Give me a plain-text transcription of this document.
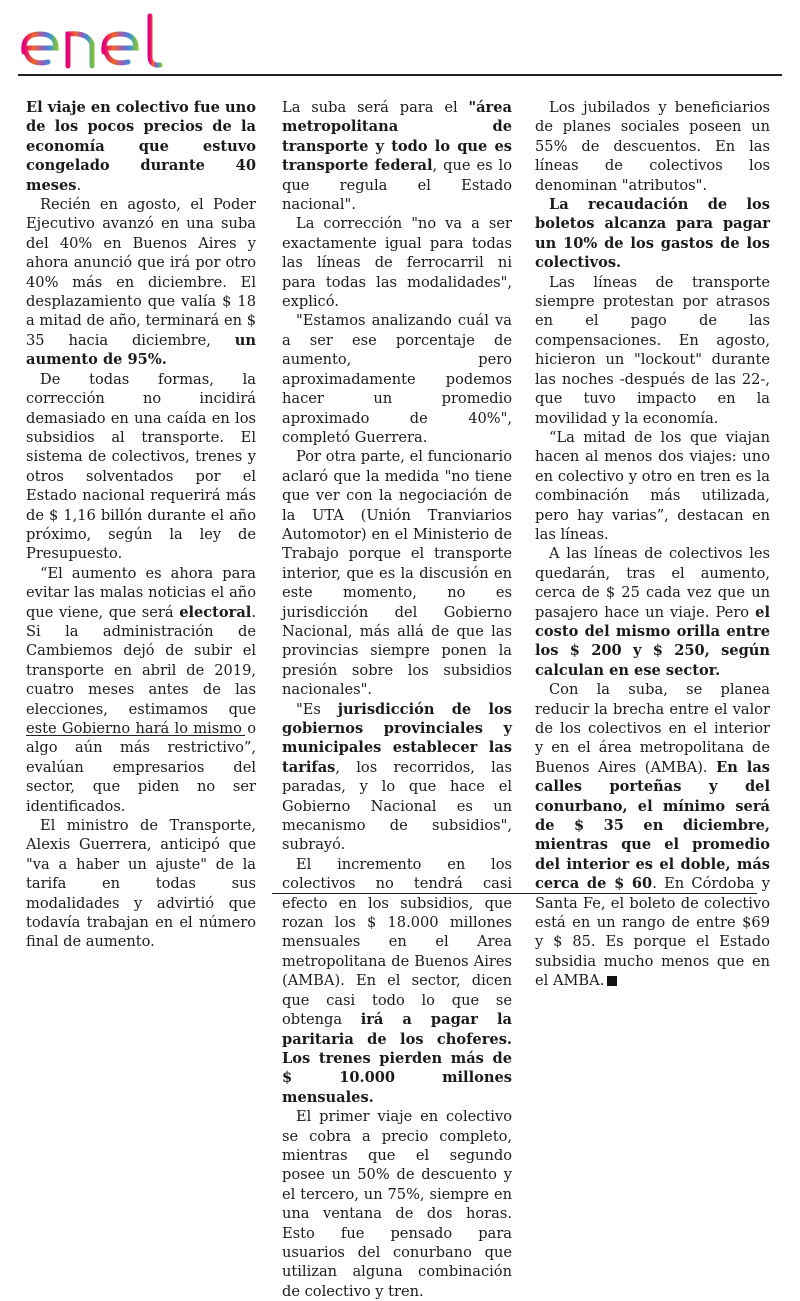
El viaje en colectivo fue uno de los pocos precios de la economía que estuvo congelado durante 40 meses.

Recién en agosto, el Poder Ejecutivo avanzó en una suba del 40% en Buenos Aires y ahora anunció que irá por otro 40% más en diciembre. El desplazamiento que valía $ 18 a mitad de año, terminará en $ 35 hacia diciembre, un aumento de 95%.

De todas formas, la corrección no incidirá demasiado en una caída en los subsidios al transporte. El sistema de colectivos, trenes y otros solventados por el Estado nacional requerirá más de $ 1,16 billón durante el año próximo, según la ley de Presupuesto.

“El aumento es ahora para evitar las malas noticias el año que viene, que será electoral. Si la administración de Cambiemos dejó de subir el transporte en abril de 2019, cuatro meses antes de las elecciones, estimamos que este Gobierno hará lo mismo o algo aún más restrictivo”, evalúan empresarios del sector, que piden no ser identificados.

El ministro de Transporte, Alexis Guerrera, anticipó que "va a haber un ajuste" de la tarifa en todas sus modalidades y advirtió que todavía trabajan en el número final de aumento.

La suba será para el "área metropolitana de transporte y todo lo que es transporte federal, que es lo que regula el Estado nacional".

La corrección "no va a ser exactamente igual para todas las líneas de ferrocarril ni para todas las modalidades", explicó.

"Estamos analizando cuál va a ser ese porcentaje de aumento, pero aproximadamente podemos hacer un promedio aproximado de 40%", completó Guerrera.

Por otra parte, el funcionario aclaró que la medida "no tiene que ver con la negociación de la UTA (Unión Tranviarios Automotor) en el Ministerio de Trabajo porque el transporte interior, que es la discusión en este momento, no es jurisdicción del Gobierno Nacional, más allá de que las provincias siempre ponen la presión sobre los subsidios nacionales".

"Es jurisdicción de los gobiernos provinciales y municipales establecer las tarifas, los recorridos, las paradas, y lo que hace el Gobierno Nacional es un mecanismo de subsidios", subrayó.

El incremento en los colectivos no tendrá casi efecto en los subsidios, que rozan los $ 18.000 millones mensuales en el Area metropolitana de Buenos Aires (AMBA). En el sector, dicen que casi todo lo que se obtenga irá a pagar la paritaria de los choferes. Los trenes pierden más de $ 10.000 millones mensuales.

El primer viaje en colectivo se cobra a precio completo, mientras que el segundo posee un 50% de descuento y el tercero, un 75%, siempre en una ventana de dos horas. Esto fue pensado para usuarios del conurbano que utilizan alguna combinación de colectivo y tren.

Los jubilados y beneficiarios de planes sociales poseen un 55% de descuentos. En las líneas de colectivos los denominan "atributos".

La recaudación de los boletos alcanza para pagar un 10% de los gastos de los colectivos.

Las líneas de transporte siempre protestan por atrasos en el pago de las compensaciones. En agosto, hicieron un "lockout" durante las noches -después de las 22-, que tuvo impacto en la movilidad y la economía.

“La mitad de los que viajan hacen al menos dos viajes: uno en colectivo y otro en tren es la combinación más utilizada, pero hay varias”, destacan en las líneas.

A las líneas de colectivos les quedarán, tras el aumento, cerca de $ 25 cada vez que un pasajero hace un viaje. Pero el costo del mismo orilla entre los $ 200 y $ 250, según calculan en ese sector.

Con la suba, se planea reducir la brecha entre el valor de los colectivos en el interior y en el área metropolitana de Buenos Aires (AMBA). En las calles porteñas y del conurbano, el mínimo será de $ 35 en diciembre, mientras que el promedio del interior es el doble, más cerca de $ 60. En Córdoba y Santa Fe, el boleto de colectivo está en un rango de entre $69 y $ 85. Es porque el Estado subsidia mucho menos que en el AMBA.
